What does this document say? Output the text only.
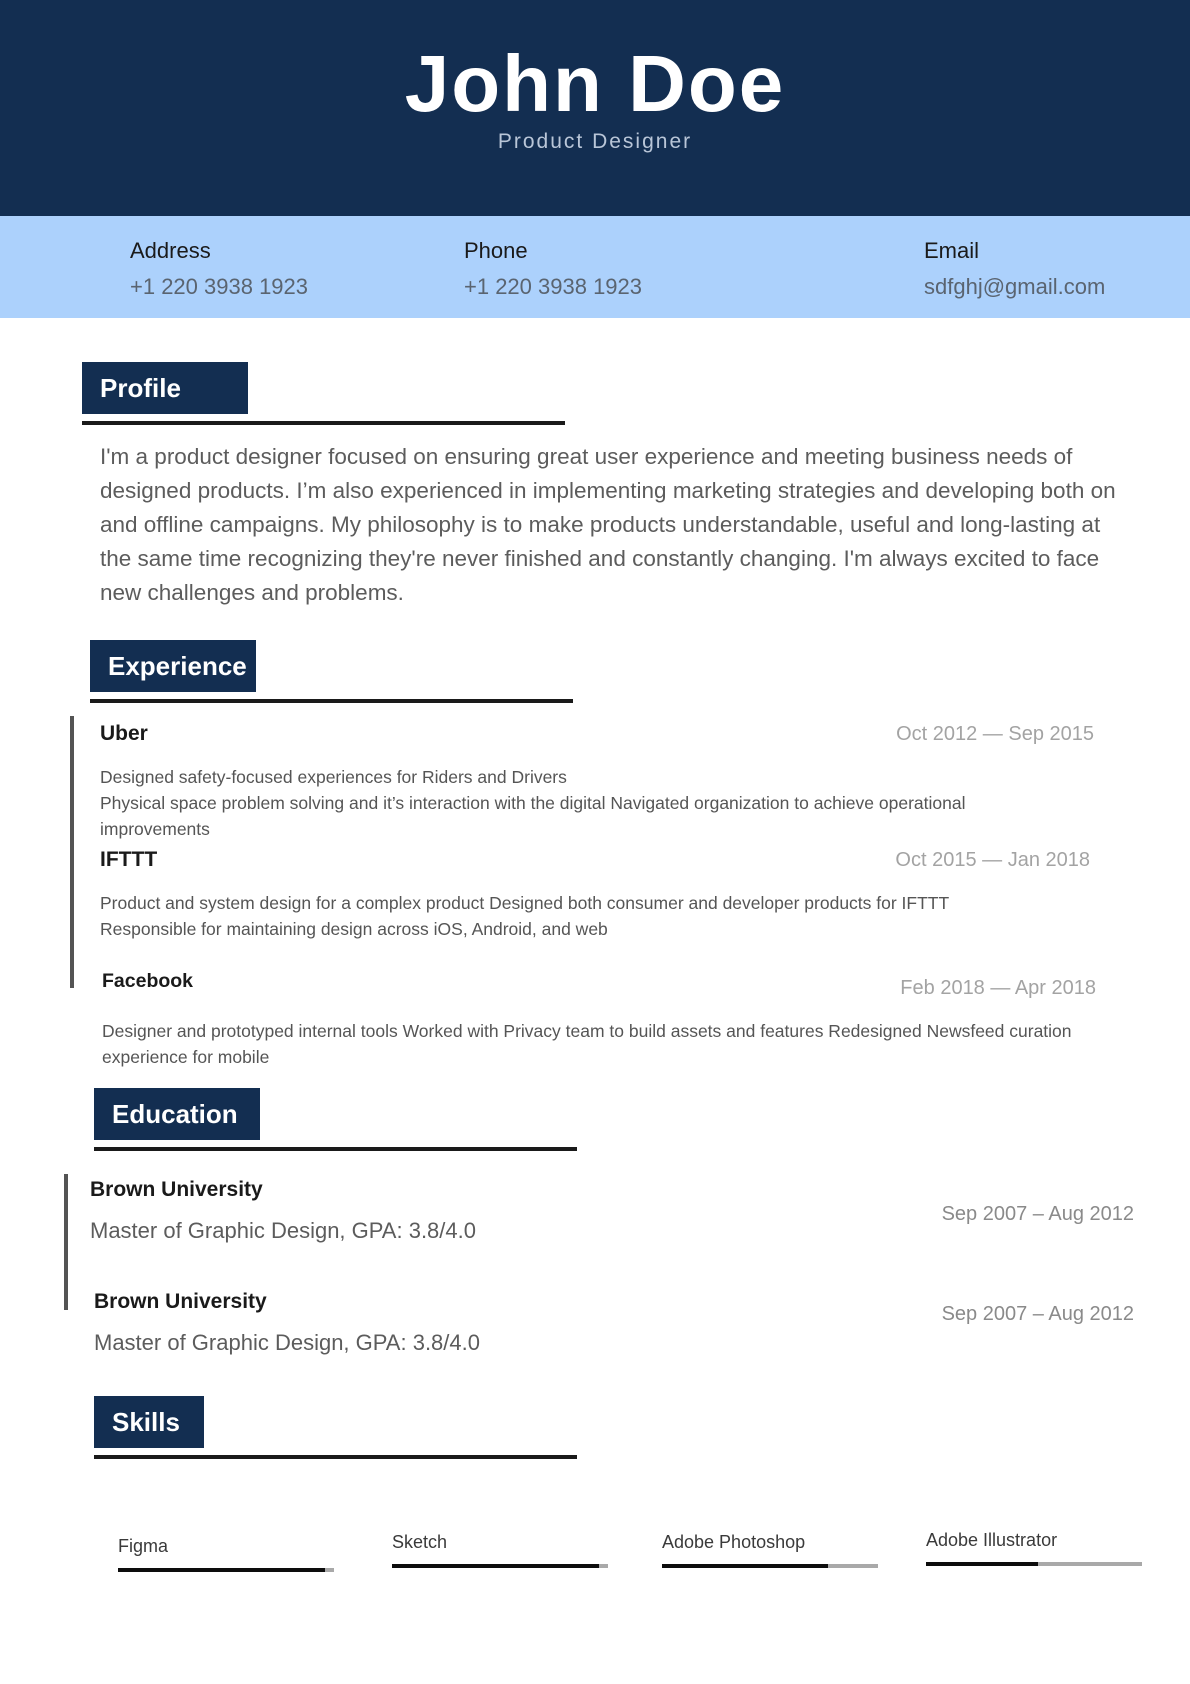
John Doe
Product Designer
Address
+1 220 3938 1923
Phone
+1 220 3938 1923
Email
sdfghj@gmail.com
Profile
I'm a product designer focused on ensuring great user experience and meeting business needs of designed products. I’m also experienced in implementing marketing strategies and developing both on and offline campaigns. My philosophy is to make products understandable, useful and long-lasting at the same time recognizing they're never finished and constantly changing. I'm always excited to face new challenges and problems.
Experience
Uber	Oct 2012 — Sep 2015
Designed safety-focused experiences for Riders and Drivers
Physical space problem solving and it’s interaction with the digital Navigated organization to achieve operational improvements
IFTTT	Oct 2015 — Jan 2018
Product and system design for a complex product Designed both consumer and developer products for IFTTT
Responsible for maintaining design across iOS, Android, and web
Facebook	Feb 2018 — Apr 2018
Designer and prototyped internal tools Worked with Privacy team to build assets and features Redesigned Newsfeed curation experience for mobile
Education
Brown University
Master of Graphic Design, GPA: 3.8/4.0
Sep 2007 – Aug 2012
Brown University
Master of Graphic Design, GPA: 3.8/4.0
Sep 2007 – Aug 2012
Skills
Figma	Sketch	Adobe Photoshop	Adobe Illustrator
